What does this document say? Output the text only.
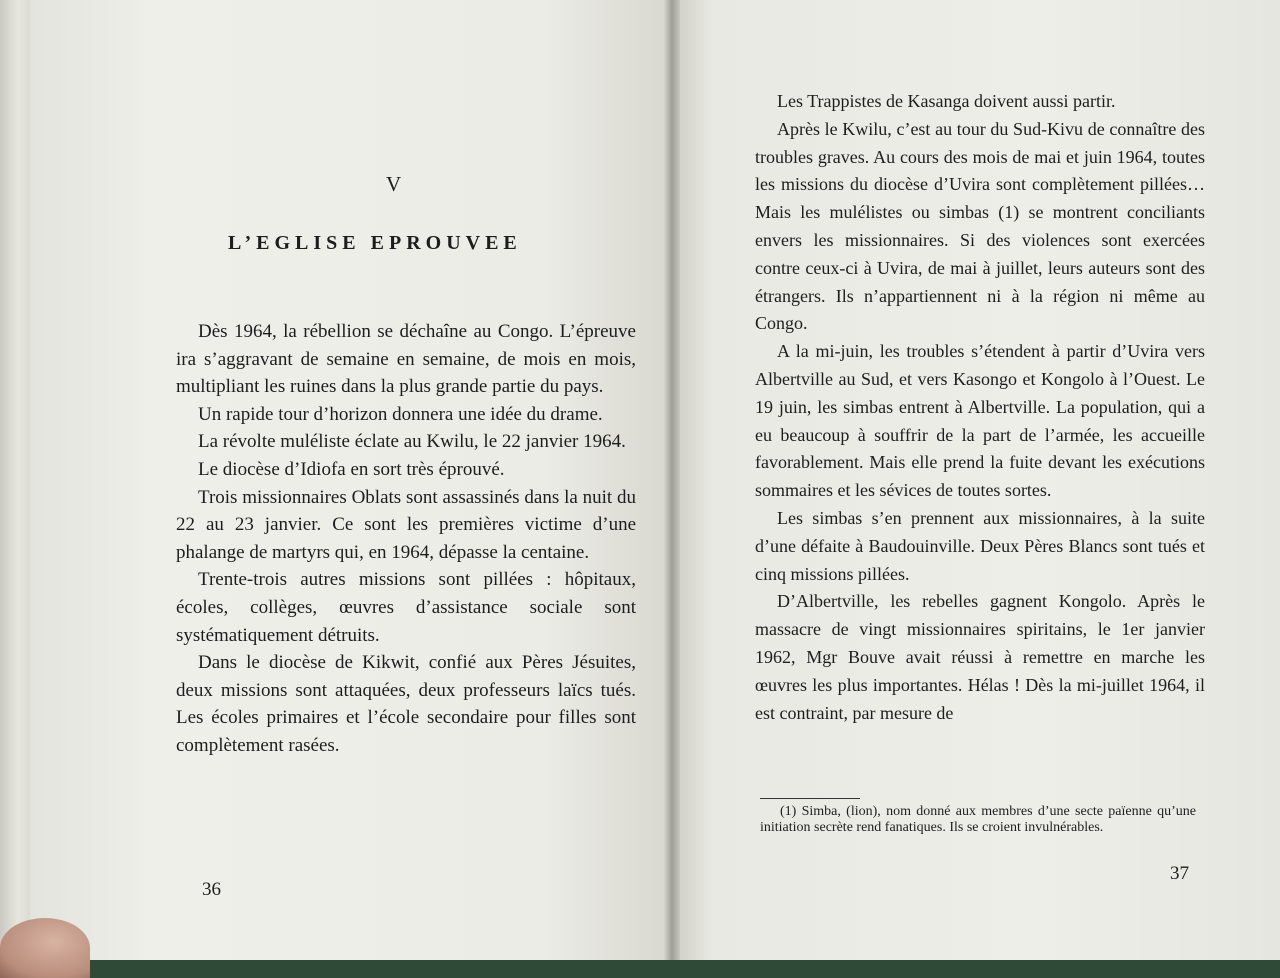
V
L’EGLISE EPROUVEE

Dès 1964, la rébellion se déchaîne au Congo. L’épreuve ira s’aggravant de semaine en semaine, de mois en mois, multipliant les ruines dans la plus grande partie du pays.

Un rapide tour d’horizon donnera une idée du drame.

La révolte muléliste éclate au Kwilu, le 22 janvier 1964.

Le diocèse d’Idiofa en sort très éprouvé.

Trois missionnaires Oblats sont assassinés dans la nuit du 22 au 23 janvier. Ce sont les premières victime d’une phalange de martyrs qui, en 1964, dépasse la centaine.

Trente-trois autres missions sont pillées : hôpitaux, écoles, collèges, œuvres d’assistance sociale sont systématiquement détruits.

Dans le diocèse de Kikwit, confié aux Pères Jésuites, deux missions sont attaquées, deux professeurs laïcs tués. Les écoles primaires et l’école secondaire pour filles sont complètement rasées.

36

Les Trappistes de Kasanga doivent aussi partir.

Après le Kwilu, c’est au tour du Sud-Kivu de connaître des troubles graves. Au cours des mois de mai et juin 1964, toutes les missions du diocèse d’Uvira sont complètement pillées… Mais les mulélistes ou simbas (1) se montrent conciliants envers les missionnaires. Si des violences sont exercées contre ceux-ci à Uvira, de mai à juillet, leurs auteurs sont des étrangers. Ils n’appartiennent ni à la région ni même au Congo.

A la mi-juin, les troubles s’étendent à partir d’Uvira vers Albertville au Sud, et vers Kasongo et Kongolo à l’Ouest. Le 19 juin, les simbas entrent à Albertville. La population, qui a eu beaucoup à souffrir de la part de l’armée, les accueille favorablement. Mais elle prend la fuite devant les exécutions sommaires et les sévices de toutes sortes.

Les simbas s’en prennent aux missionnaires, à la suite d’une défaite à Baudouinville. Deux Pères Blancs sont tués et cinq missions pillées.

D’Albertville, les rebelles gagnent Kongolo. Après le massacre de vingt missionnaires spiritains, le 1er janvier 1962, Mgr Bouve avait réussi à remettre en marche les œuvres les plus importantes. Hélas ! Dès la mi-juillet 1964, il est contraint, par mesure de

(1) Simba, (lion), nom donné aux membres d’une secte païenne qu’une initiation secrète rend fanatiques. Ils se croient invulnérables.
37
